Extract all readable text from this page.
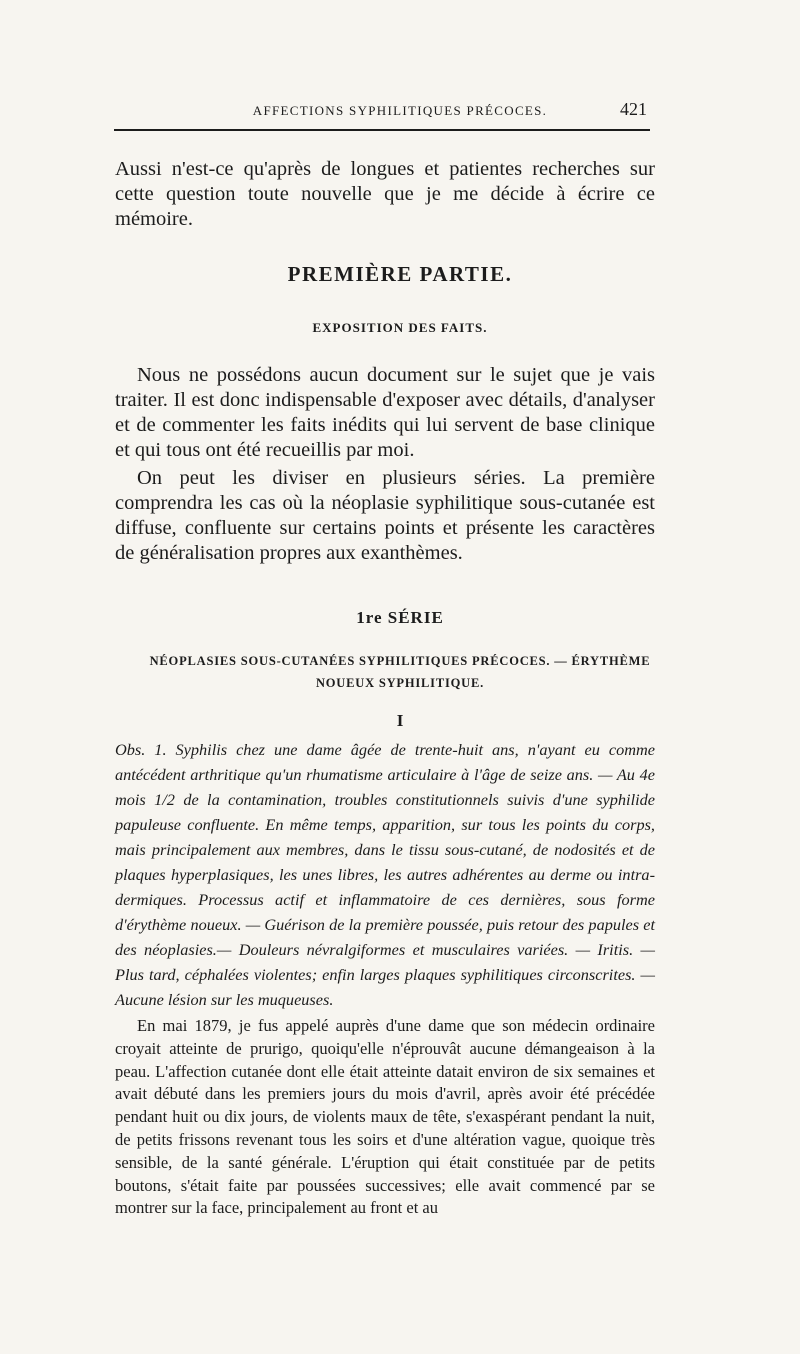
AFFECTIONS SYPHILITIQUES PRÉCOCES.	421

Aussi n'est-ce qu'après de longues et patientes recherches sur cette question toute nouvelle que je me décide à écrire ce mémoire.

PREMIÈRE PARTIE.
EXPOSITION DES FAITS.

Nous ne possédons aucun document sur le sujet que je vais traiter. Il est donc indispensable d'exposer avec détails, d'analyser et de commenter les faits inédits qui lui servent de base clinique et qui tous ont été recueillis par moi.

On peut les diviser en plusieurs séries. La première comprendra les cas où la néoplasie syphilitique sous-cutanée est diffuse, confluente sur certains points et présente les caractères de généralisation propres aux exanthèmes.

1re SÉRIE
NÉOPLASIES SOUS-CUTANÉES SYPHILITIQUES PRÉCOCES. — ÉRYTHÈME NOUEUX SYPHILITIQUE.
I

Obs. 1. Syphilis chez une dame âgée de trente-huit ans, n'ayant eu comme antécédent arthritique qu'un rhumatisme articulaire à l'âge de seize ans. — Au 4e mois 1/2 de la contamination, troubles constitutionnels suivis d'une syphilide papuleuse confluente. En même temps, apparition, sur tous les points du corps, mais principalement aux membres, dans le tissu sous-cutané, de nodosités et de plaques hyperplasiques, les unes libres, les autres adhérentes au derme ou intra-dermiques. Processus actif et inflammatoire de ces dernières, sous forme d'érythème noueux. — Guérison de la première poussée, puis retour des papules et des néoplasies.— Douleurs névralgiformes et musculaires variées. — Iritis. — Plus tard, céphalées violentes; enfin larges plaques syphilitiques circonscrites. — Aucune lésion sur les muqueuses.

En mai 1879, je fus appelé auprès d'une dame que son médecin ordinaire croyait atteinte de prurigo, quoiqu'elle n'éprouvât aucune démangeaison à la peau. L'affection cutanée dont elle était atteinte datait environ de six semaines et avait débuté dans les premiers jours du mois d'avril, après avoir été précédée pendant huit ou dix jours, de violents maux de tête, s'exaspérant pendant la nuit, de petits frissons revenant tous les soirs et d'une altération vague, quoique très sensible, de la santé générale. L'éruption qui était constituée par de petits boutons, s'était faite par poussées successives; elle avait commencé par se montrer sur la face, principalement au front et au
